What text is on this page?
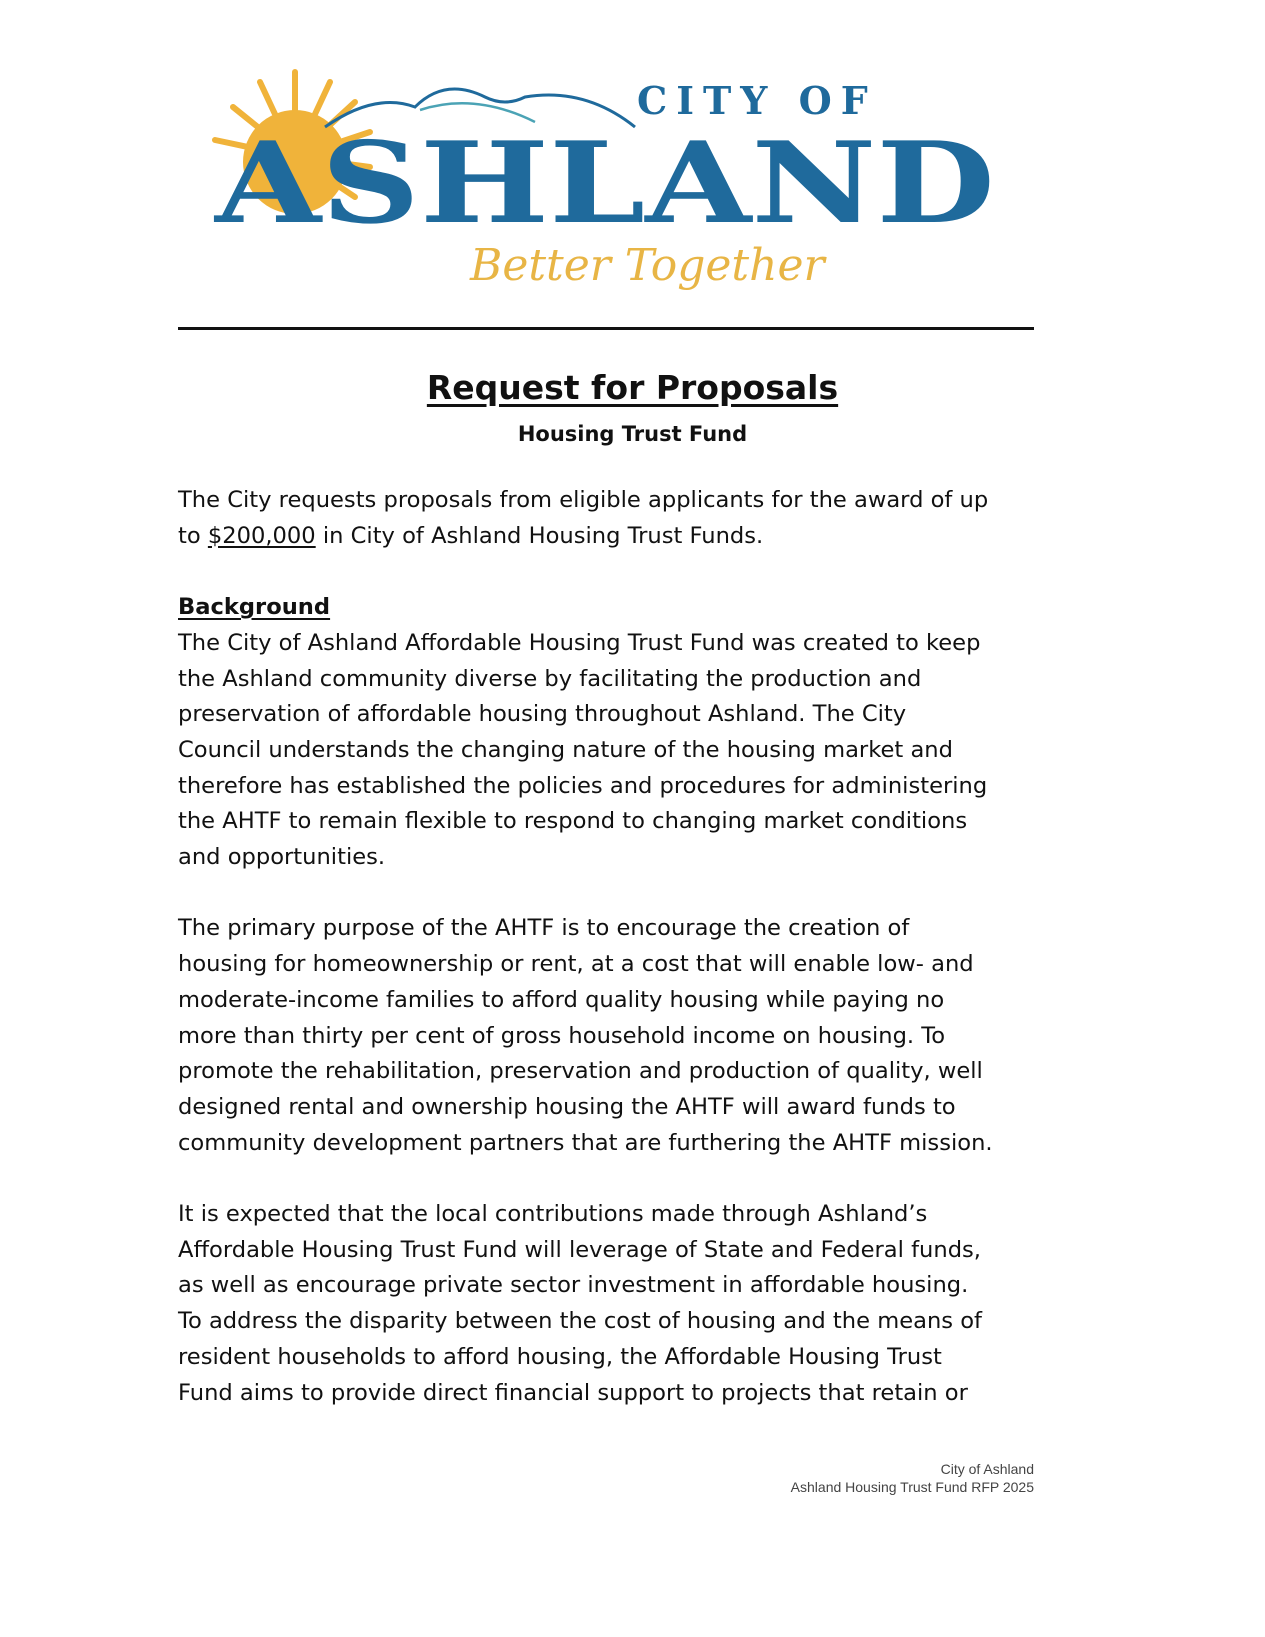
CITY OF
ASHLAND
Better Together
Request for Proposals
Housing Trust Fund
The City requests proposals from eligible applicants for the award of up
to $200,000 in City of Ashland Housing Trust Funds.
Background
The City of Ashland Affordable Housing Trust Fund was created to keep
the Ashland community diverse by facilitating the production and
preservation of affordable housing throughout Ashland. The City
Council understands the changing nature of the housing market and
therefore has established the policies and procedures for administering
the AHTF to remain flexible to respond to changing market conditions
and opportunities.
The primary purpose of the AHTF is to encourage the creation of
housing for homeownership or rent, at a cost that will enable low- and
moderate-income families to afford quality housing while paying no
more than thirty per cent of gross household income on housing. To
promote the rehabilitation, preservation and production of quality, well
designed rental and ownership housing the AHTF will award funds to
community development partners that are furthering the AHTF mission.
It is expected that the local contributions made through Ashland’s
Affordable Housing Trust Fund will leverage of State and Federal funds,
as well as encourage private sector investment in affordable housing.
To address the disparity between the cost of housing and the means of
resident households to afford housing, the Affordable Housing Trust
Fund aims to provide direct financial support to projects that retain or
City of Ashland
Ashland Housing Trust Fund RFP 2025
